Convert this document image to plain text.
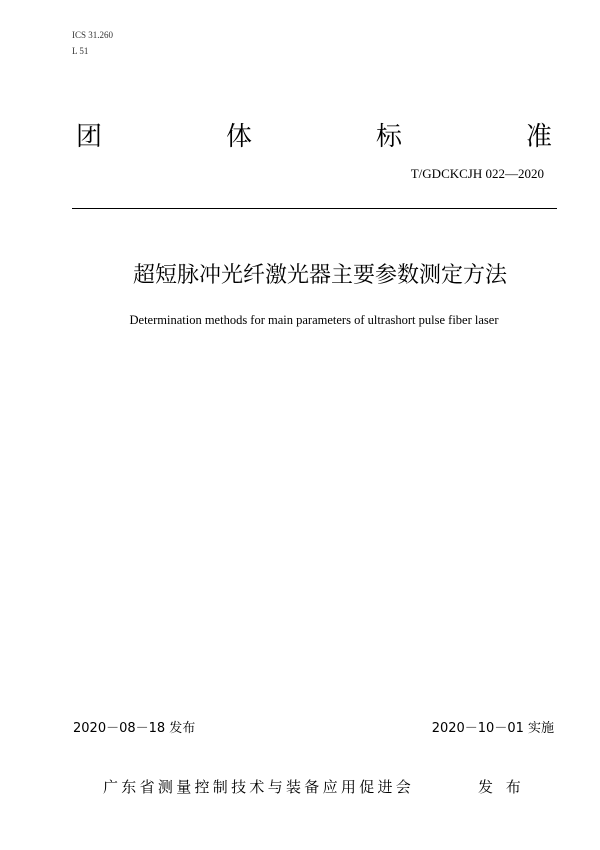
ICS 31.260
L 51
团	体	标	准
T/GDCKCJH 022—2020
超短脉冲光纤激光器主要参数测定方法
Determination methods for main parameters of ultrashort pulse fiber laser
2020－08－18 发布	2020－10－01 实施
广东省测量控制技术与装备应用促进会	发 布
